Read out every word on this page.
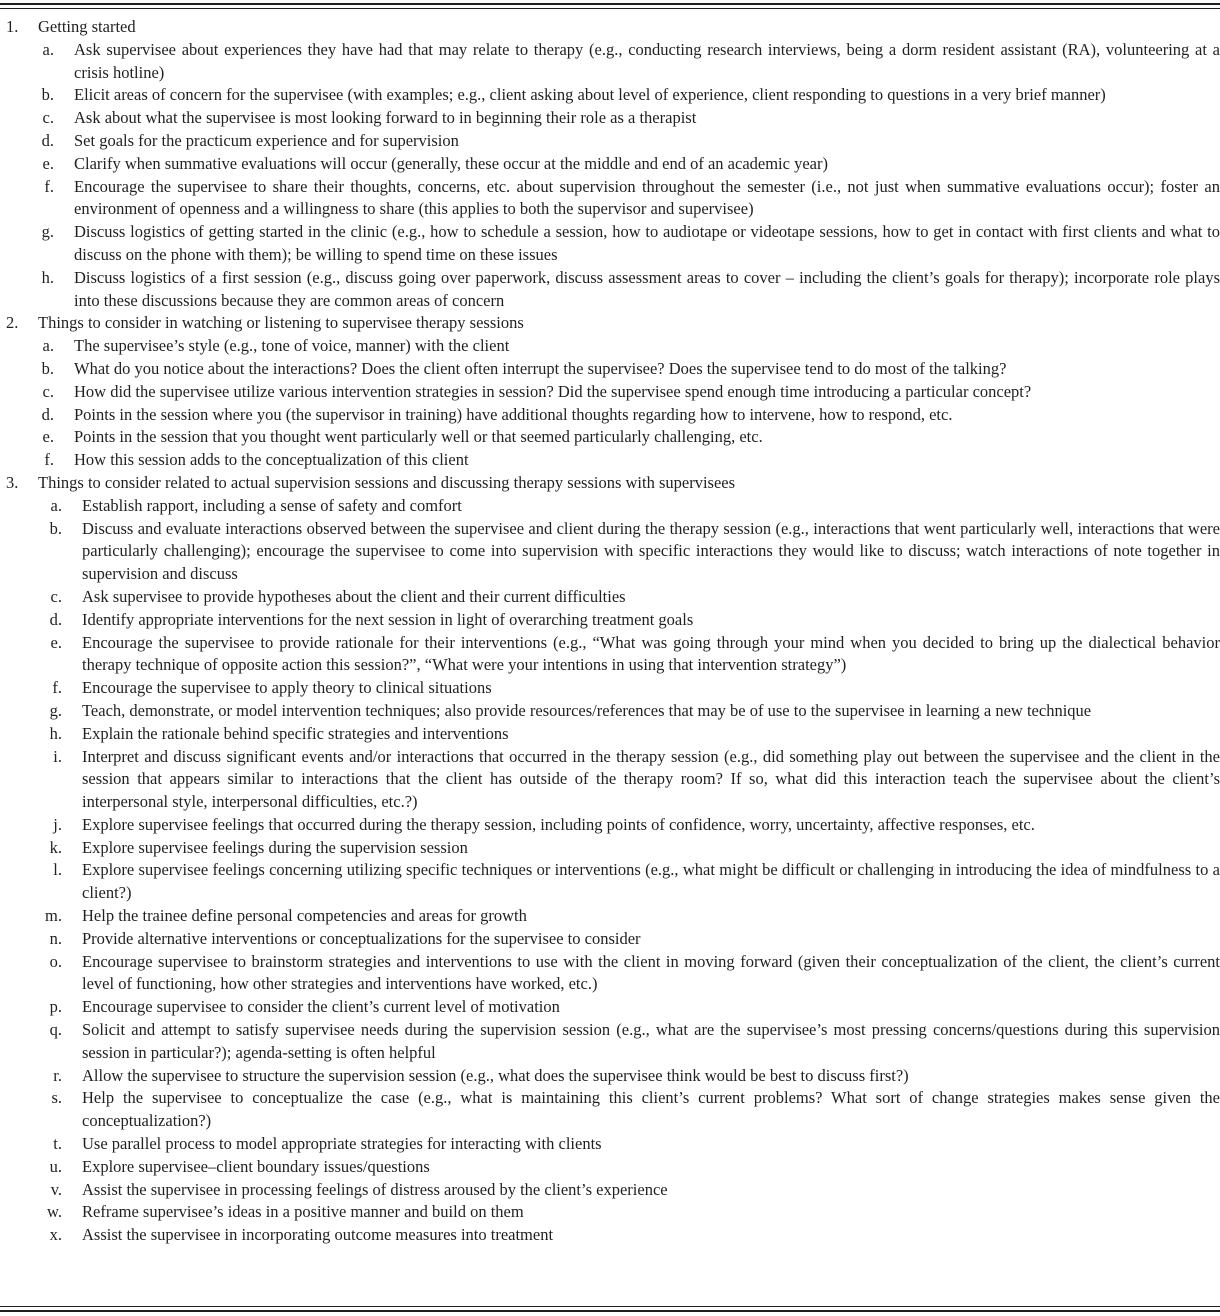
1. Getting started
a. Ask supervisee about experiences they have had that may relate to therapy (e.g., conducting research interviews, being a dorm resident assistant (RA), volunteering at a crisis hotline)
b. Elicit areas of concern for the supervisee (with examples; e.g., client asking about level of experience, client responding to questions in a very brief manner)
c. Ask about what the supervisee is most looking forward to in beginning their role as a therapist
d. Set goals for the practicum experience and for supervision
e. Clarify when summative evaluations will occur (generally, these occur at the middle and end of an academic year)
f. Encourage the supervisee to share their thoughts, concerns, etc. about supervision throughout the semester (i.e., not just when summative evaluations occur); foster an environment of openness and a willingness to share (this applies to both the supervisor and supervisee)
g. Discuss logistics of getting started in the clinic (e.g., how to schedule a session, how to audiotape or videotape sessions, how to get in contact with first clients and what to discuss on the phone with them); be willing to spend time on these issues
h. Discuss logistics of a first session (e.g., discuss going over paperwork, discuss assessment areas to cover – including the client’s goals for therapy); incorporate role plays into these discussions because they are common areas of concern
2. Things to consider in watching or listening to supervisee therapy sessions
a. The supervisee’s style (e.g., tone of voice, manner) with the client
b. What do you notice about the interactions? Does the client often interrupt the supervisee? Does the supervisee tend to do most of the talking?
c. How did the supervisee utilize various intervention strategies in session? Did the supervisee spend enough time introducing a particular concept?
d. Points in the session where you (the supervisor in training) have additional thoughts regarding how to intervene, how to respond, etc.
e. Points in the session that you thought went particularly well or that seemed particularly challenging, etc.
f. How this session adds to the conceptualization of this client
3. Things to consider related to actual supervision sessions and discussing therapy sessions with supervisees
a. Establish rapport, including a sense of safety and comfort
b. Discuss and evaluate interactions observed between the supervisee and client during the therapy session (e.g., interactions that went particularly well, interactions that were particularly challenging); encourage the supervisee to come into supervision with specific interactions they would like to discuss; watch interactions of note together in supervision and discuss
c. Ask supervisee to provide hypotheses about the client and their current difficulties
d. Identify appropriate interventions for the next session in light of overarching treatment goals
e. Encourage the supervisee to provide rationale for their interventions (e.g., “What was going through your mind when you decided to bring up the dialectical behavior therapy technique of opposite action this session?”, “What were your intentions in using that intervention strategy”)
f. Encourage the supervisee to apply theory to clinical situations
g. Teach, demonstrate, or model intervention techniques; also provide resources/references that may be of use to the supervisee in learning a new technique
h. Explain the rationale behind specific strategies and interventions
i. Interpret and discuss significant events and/or interactions that occurred in the therapy session (e.g., did something play out between the supervisee and the client in the session that appears similar to interactions that the client has outside of the therapy room? If so, what did this interaction teach the supervisee about the client’s interpersonal style, interpersonal difficulties, etc.?)
j. Explore supervisee feelings that occurred during the therapy session, including points of confidence, worry, uncertainty, affective responses, etc.
k. Explore supervisee feelings during the supervision session
l. Explore supervisee feelings concerning utilizing specific techniques or interventions (e.g., what might be difficult or challenging in introducing the idea of mindfulness to a client?)
m. Help the trainee define personal competencies and areas for growth
n. Provide alternative interventions or conceptualizations for the supervisee to consider
o. Encourage supervisee to brainstorm strategies and interventions to use with the client in moving forward (given their conceptualization of the client, the client’s current level of functioning, how other strategies and interventions have worked, etc.)
p. Encourage supervisee to consider the client’s current level of motivation
q. Solicit and attempt to satisfy supervisee needs during the supervision session (e.g., what are the supervisee’s most pressing concerns/questions during this supervision session in particular?); agenda-setting is often helpful
r. Allow the supervisee to structure the supervision session (e.g., what does the supervisee think would be best to discuss first?)
s. Help the supervisee to conceptualize the case (e.g., what is maintaining this client’s current problems? What sort of change strategies makes sense given the conceptualization?)
t. Use parallel process to model appropriate strategies for interacting with clients
u. Explore supervisee–client boundary issues/questions
v. Assist the supervisee in processing feelings of distress aroused by the client’s experience
w. Reframe supervisee’s ideas in a positive manner and build on them
x. Assist the supervisee in incorporating outcome measures into treatment
